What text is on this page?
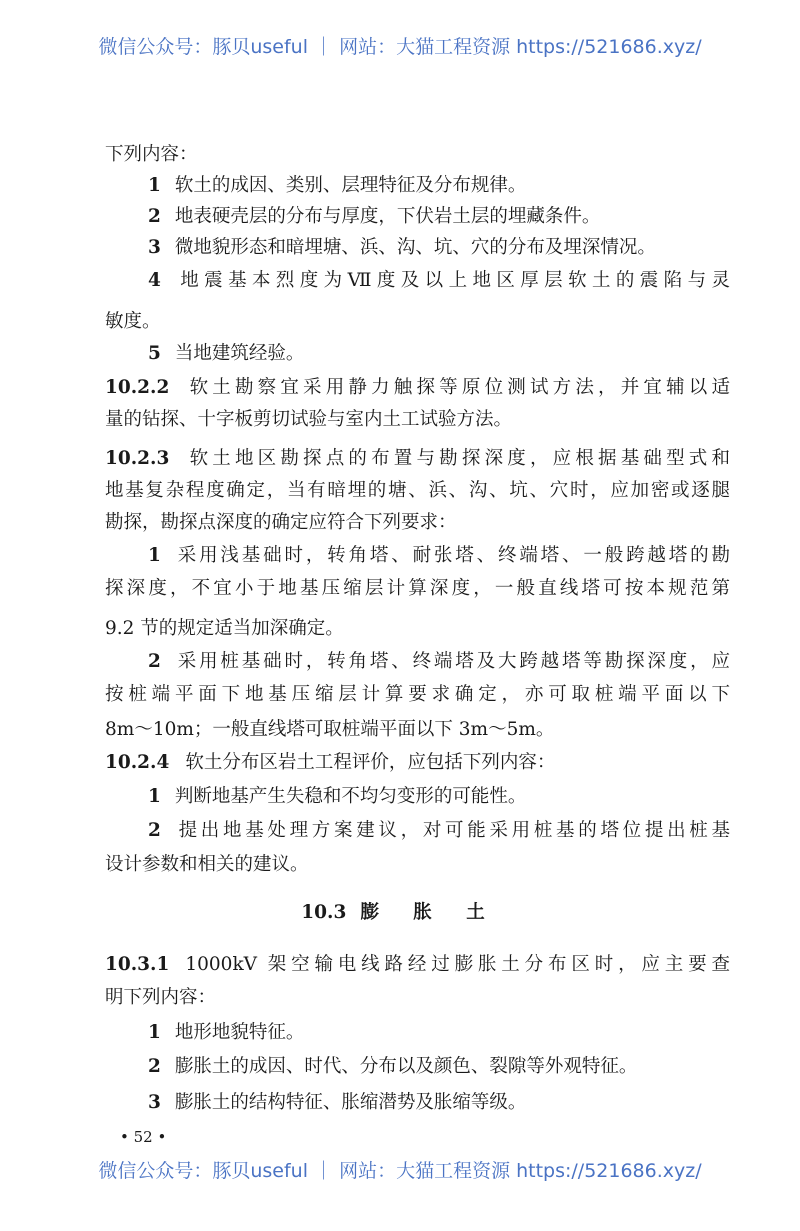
微信公众号：豚贝useful ｜ 网站：大猫工程资源 https://521686.xyz/
下列内容：
1 软土的成因、类别、层理特征及分布规律。
2 地表硬壳层的分布与厚度，下伏岩土层的埋藏条件。
3 微地貌形态和暗埋塘、浜、沟、坑、穴的分布及埋深情况。
4 地震基本烈度为Ⅶ度及以上地区厚层软土的震陷与灵
敏度。
5 当地建筑经验。
10.2.2 软土勘察宜采用静力触探等原位测试方法，并宜辅以适
量的钻探、十字板剪切试验与室内土工试验方法。
10.2.3 软土地区勘探点的布置与勘探深度，应根据基础型式和
地基复杂程度确定，当有暗埋的塘、浜、沟、坑、穴时，应加密或逐腿
勘探，勘探点深度的确定应符合下列要求：
1 采用浅基础时，转角塔、耐张塔、终端塔、一般跨越塔的勘
探深度，不宜小于地基压缩层计算深度，一般直线塔可按本规范第
9.2 节的规定适当加深确定。
2 采用桩基础时，转角塔、终端塔及大跨越塔等勘探深度，应
按桩端平面下地基压缩层计算要求确定，亦可取桩端平面以下
8m～10m；一般直线塔可取桩端平面以下 3m～5m。
10.2.4 软土分布区岩土工程评价，应包括下列内容：
1 判断地基产生失稳和不均匀变形的可能性。
2 提出地基处理方案建议，对可能采用桩基的塔位提出桩基
设计参数和相关的建议。
10.3 膨 胀 土
10.3.1 1000kV 架空输电线路经过膨胀土分布区时，应主要查
明下列内容：
1 地形地貌特征。
2 膨胀土的成因、时代、分布以及颜色、裂隙等外观特征。
3 膨胀土的结构特征、胀缩潜势及胀缩等级。
• 52 •
微信公众号：豚贝useful ｜ 网站：大猫工程资源 https://521686.xyz/
